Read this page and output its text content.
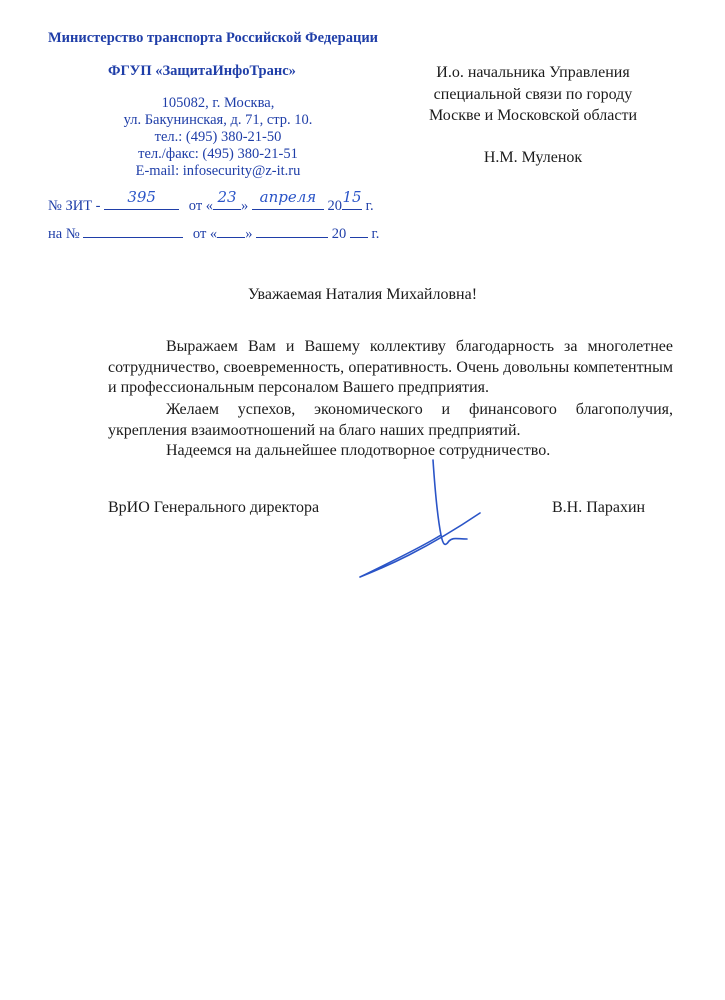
Министерство транспорта Российской Федерации
ФГУП «ЗащитаИнфоТранс»
105082, г. Москва,
ул. Бакунинская, д. 71, стр. 10.
тел.: (495) 380-21-50
тел./факс: (495) 380-21-51
E-mail: infosecurity@z-it.ru
№ ЗИТ -	395	от « 23 » апреля 20 15 г.
на №	от « »	20 г.
И.о. начальника Управления
специальной связи по городу
Москве и Московской области
Н.М. Муленок
Уважаемая Наталия Михайловна!
Выражаем Вам и Вашему коллективу благодарность за многолетнее сотрудничество, своевременность, оперативность. Очень довольны компетентным и профессиональным персоналом Вашего предприятия.
Желаем успехов, экономического и финансового благополучия, укрепления взаимоотношений на благо наших предприятий.
Надеемся на дальнейшее плодотворное сотрудничество.
ВрИО Генерального директора	В.Н. Парахин
